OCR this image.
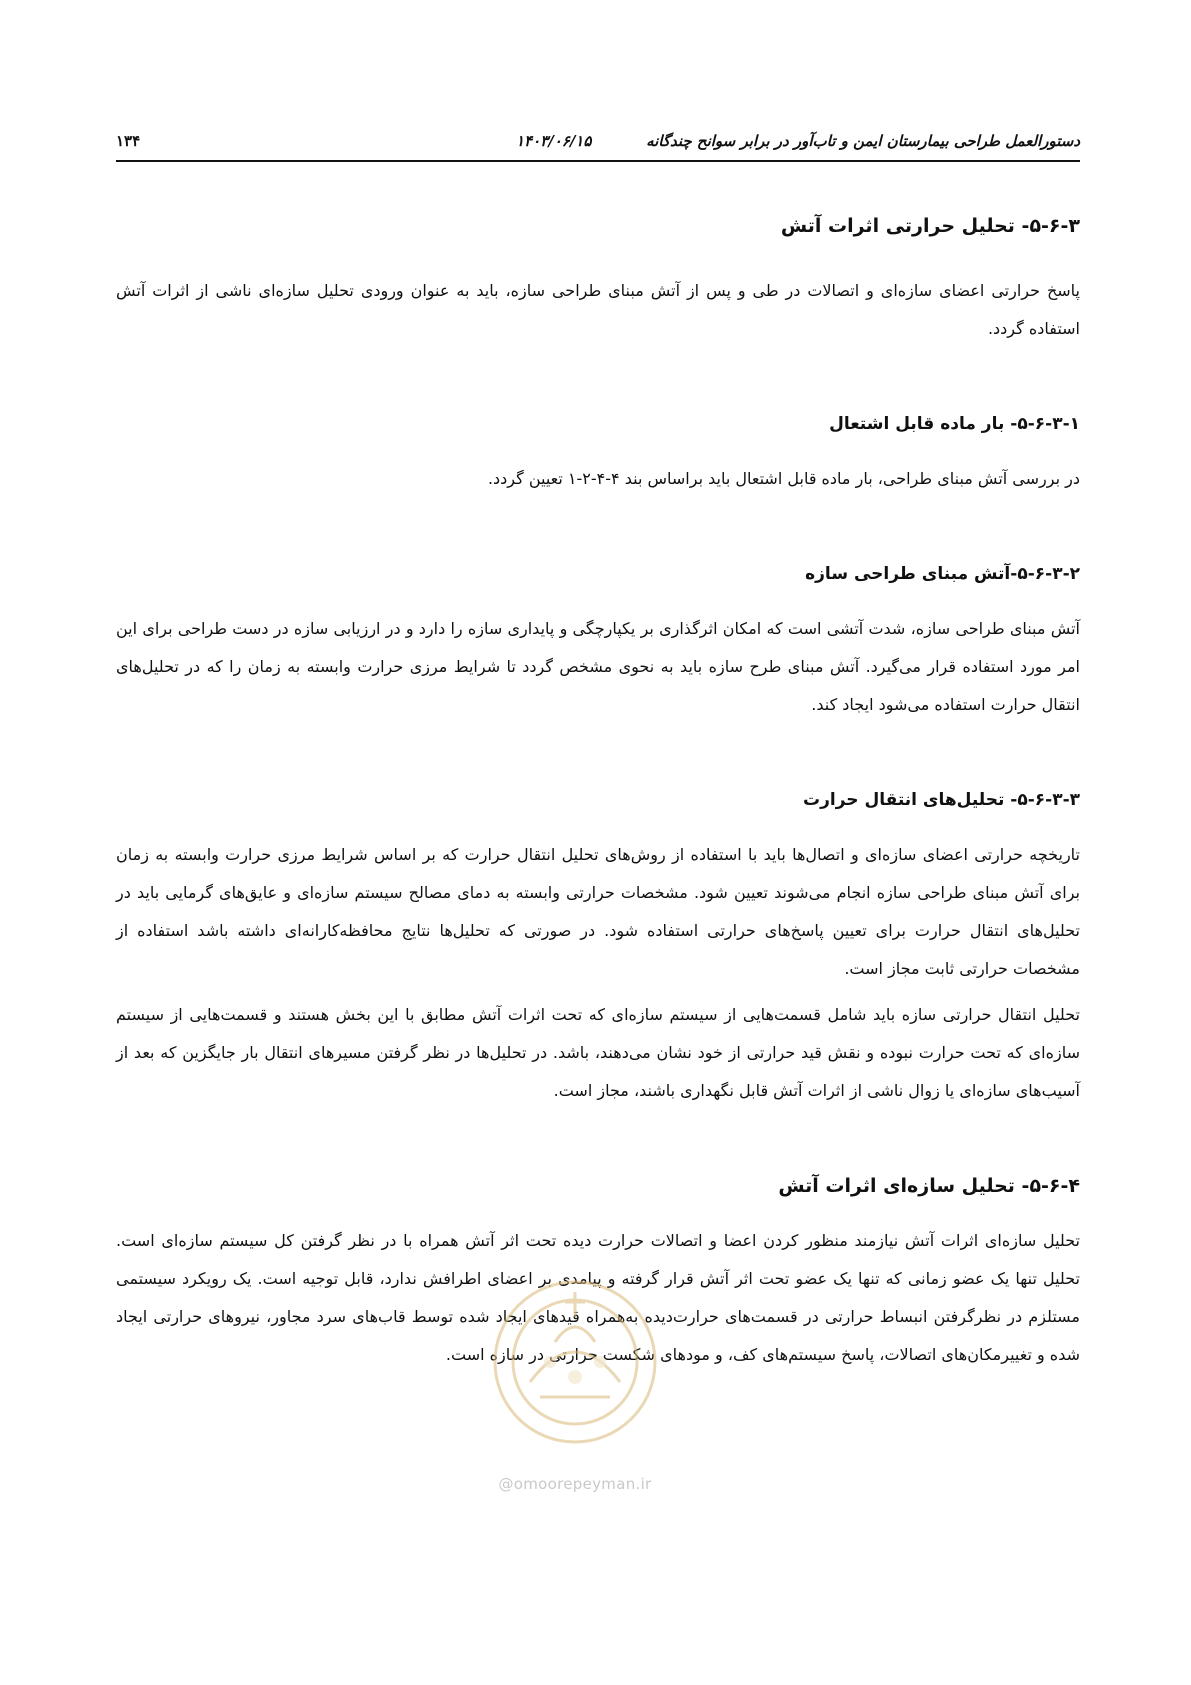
دستورالعمل طراحی بیمارستان ایمن و تاب‌آور در برابر سوانح چندگانه
۱۴۰۳/۰۶/۱۵
۱۳۴
۵-۶-۳- تحلیل حرارتی اثرات آتش

پاسخ حرارتی اعضای سازه‌ای و اتصالات در طی و پس از آتش مبنای طراحی سازه، باید به عنوان ورودی تحلیل سازه‌ای ناشی از اثرات آتش استفاده گردد.

۵-۶-۳-۱- بار ماده قابل اشتعال

در بررسی آتش مبنای طراحی، بار ماده قابل اشتعال باید براساس بند ۴-۴-۲-۱ تعیین گردد.

۵-۶-۳-۲-آتش مبنای طراحی سازه

آتش مبنای طراحی سازه، شدت آتشی است که امکان اثرگذاری بر یکپارچگی و پایداری سازه را دارد و در ارزیابی سازه در دست طراحی برای این امر مورد استفاده قرار می‌گیرد. آتش مبنای طرح سازه باید به نحوی مشخص گردد تا شرایط مرزی حرارت وابسته به زمان را که در تحلیل‌های انتقال حرارت استفاده می‌شود ایجاد کند.

۵-۶-۳-۳- تحلیل‌های انتقال حرارت

تاریخچه حرارتی اعضای سازه‌ای و اتصال‌ها باید با استفاده از روش‌های تحلیل انتقال حرارت که بر اساس شرایط مرزی حرارت وابسته به زمان برای آتش مبنای طراحی سازه انجام می‌شوند تعیین شود. مشخصات حرارتی وابسته به دمای مصالح سیستم سازه‌ای و عایق‌های گرمایی باید در تحلیل‌های انتقال حرارت برای تعیین پاسخ‌های حرارتی استفاده شود. در صورتی که تحلیل‌ها نتایج محافظه‌کارانه‌ای داشته باشد استفاده از مشخصات حرارتی ثابت مجاز است.

تحلیل انتقال حرارتی سازه باید شامل قسمت‌هایی از سیستم سازه‌ای که تحت اثرات آتش مطابق با این بخش هستند و قسمت‌هایی از سیستم سازه‌ای که تحت حرارت نبوده و نقش قید حرارتی از خود نشان می‌دهند، باشد. در تحلیل‌ها در نظر گرفتن مسیرهای انتقال بار جایگزین که بعد از آسیب‌های سازه‌ای یا زوال ناشی از اثرات آتش قابل نگهداری باشند، مجاز است.

۵-۶-۴- تحلیل سازه‌ای اثرات آتش

تحلیل سازه‌ای اثرات آتش نیازمند منظور کردن اعضا و اتصالات حرارت دیده تحت اثر آتش همراه با در نظر گرفتن کل سیستم سازه‌ای است. تحلیل تنها یک عضو زمانی که تنها یک عضو تحت اثر آتش قرار گرفته و پیامدی بر اعضای اطرافش ندارد، قابل توجیه است. یک رویکرد سیستمی مستلزم در نظرگرفتن انبساط حرارتی در قسمت‌های حرارت‌دیده به‌همراه قیدهای ایجاد شده توسط قاب‌های سرد مجاور، نیروهای حرارتی ایجاد شده و تغییرمکان‌های اتصالات، پاسخ سیستم‌های کف، و مودهای شکست حرارتی در سازه است.

@omoorepeyman.ir
